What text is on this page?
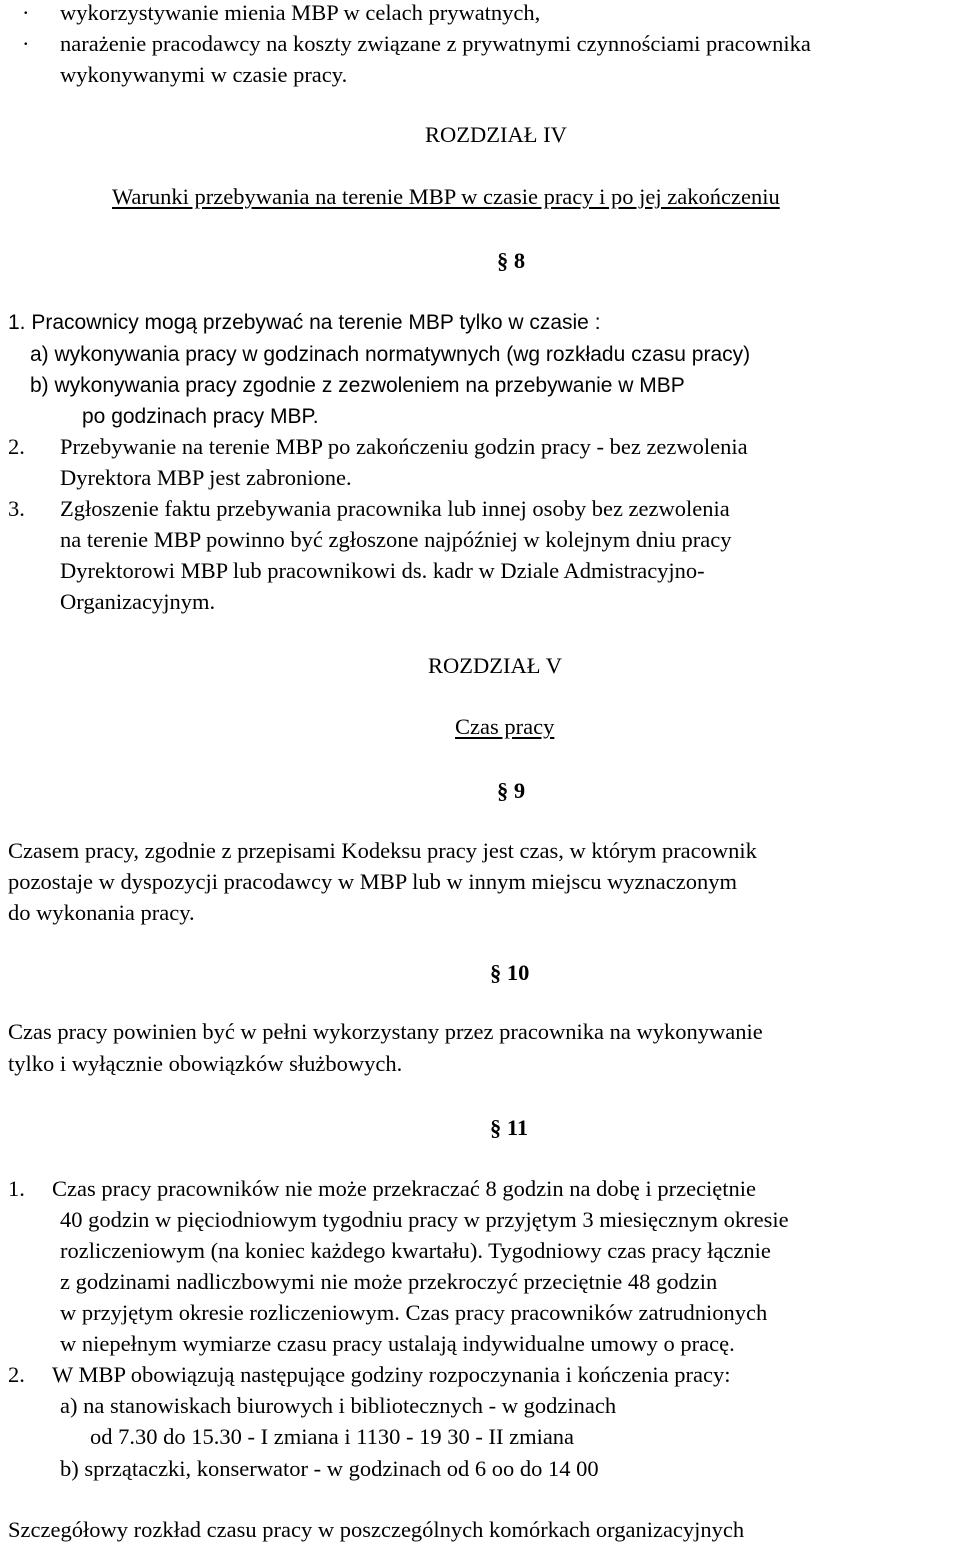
· wykorzystywanie mienia MBP w celach prywatnych,
· narażenie pracodawcy na koszty związane z prywatnymi czynnościami pracownika
wykonywanymi w czasie pracy.
ROZDZIAŁ IV
Warunki przebywania na terenie MBP w czasie pracy i po jej zakończeniu
§ 8
1. Pracownicy mogą przebywać na terenie MBP tylko w czasie :
a) wykonywania pracy w godzinach normatywnych (wg rozkładu czasu pracy)
b) wykonywania pracy zgodnie z zezwoleniem na przebywanie w MBP
po godzinach pracy MBP.
2. Przebywanie na terenie MBP po zakończeniu godzin pracy - bez zezwolenia
Dyrektora MBP jest zabronione.
3. Zgłoszenie faktu przebywania pracownika lub innej osoby bez zezwolenia
na terenie MBP powinno być zgłoszone najpóźniej w kolejnym dniu pracy
Dyrektorowi MBP lub pracownikowi ds. kadr w Dziale Admistracyjno-
Organizacyjnym.
ROZDZIAŁ V
Czas pracy
§ 9
Czasem pracy, zgodnie z przepisami Kodeksu pracy jest czas, w którym pracownik
pozostaje w dyspozycji pracodawcy w MBP lub w innym miejscu wyznaczonym
do wykonania pracy.
§ 10
Czas pracy powinien być w pełni wykorzystany przez pracownika na wykonywanie
tylko i wyłącznie obowiązków służbowych.
§ 11
1. Czas pracy pracowników nie może przekraczać 8 godzin na dobę i przeciętnie
40 godzin w pięciodniowym tygodniu pracy w przyjętym 3 miesięcznym okresie
rozliczeniowym (na koniec każdego kwartału). Tygodniowy czas pracy łącznie
z godzinami nadliczbowymi nie może przekroczyć przeciętnie 48 godzin
w przyjętym okresie rozliczeniowym. Czas pracy pracowników zatrudnionych
w niepełnym wymiarze czasu pracy ustalają indywidualne umowy o pracę.
2. W MBP obowiązują następujące godziny rozpoczynania i kończenia pracy:
a) na stanowiskach biurowych i bibliotecznych - w godzinach
od 7.30 do 15.30 - I zmiana i 1130 - 19 30 - II zmiana
b) sprzątaczki, konserwator - w godzinach od 6 oo do 14 00
Szczegółowy rozkład czasu pracy w poszczególnych komórkach organizacyjnych
